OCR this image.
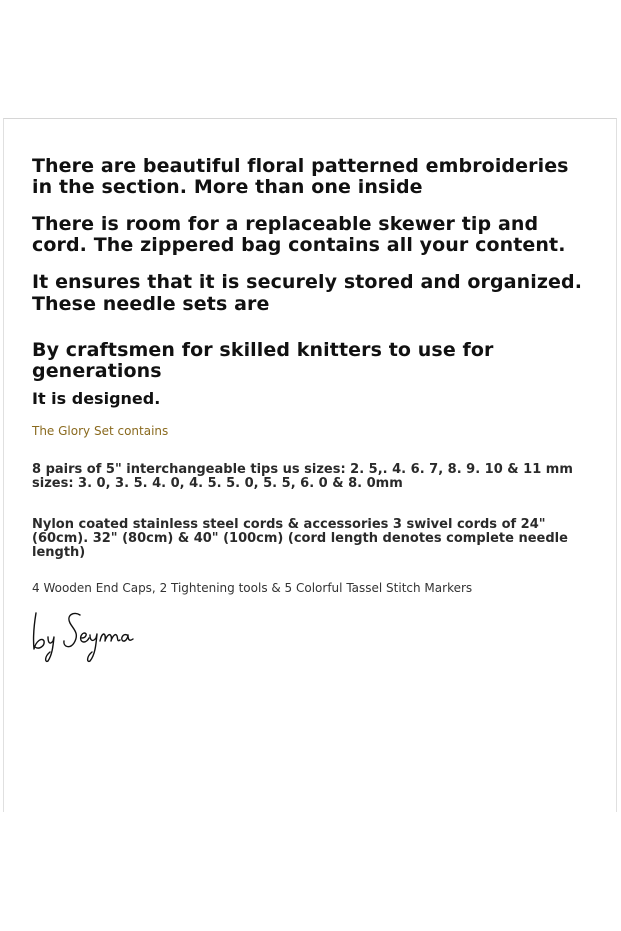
There are beautiful floral patterned embroideries in the section. More than one inside

There is room for a replaceable skewer tip and cord. The zippered bag contains all your content.

It ensures that it is securely stored and organized.

These needle sets are

By craftsmen for skilled knitters to use for generations

It is designed.

The Glory Set contains

8 pairs of 5" interchangeable tips us sizes: 2. 5,. 4. 6. 7, 8. 9. 10 & 11 mm sizes: 3. 0, 3. 5. 4. 0, 4. 5. 5. 0, 5. 5, 6. 0 & 8. 0mm

Nylon coated stainless steel cords & accessories 3 swivel cords of 24" (60cm). 32" (80cm) & 40" (100cm) (cord length denotes complete needle length)

4 Wooden End Caps, 2 Tightening tools & 5 Colorful Tassel Stitch Markers
